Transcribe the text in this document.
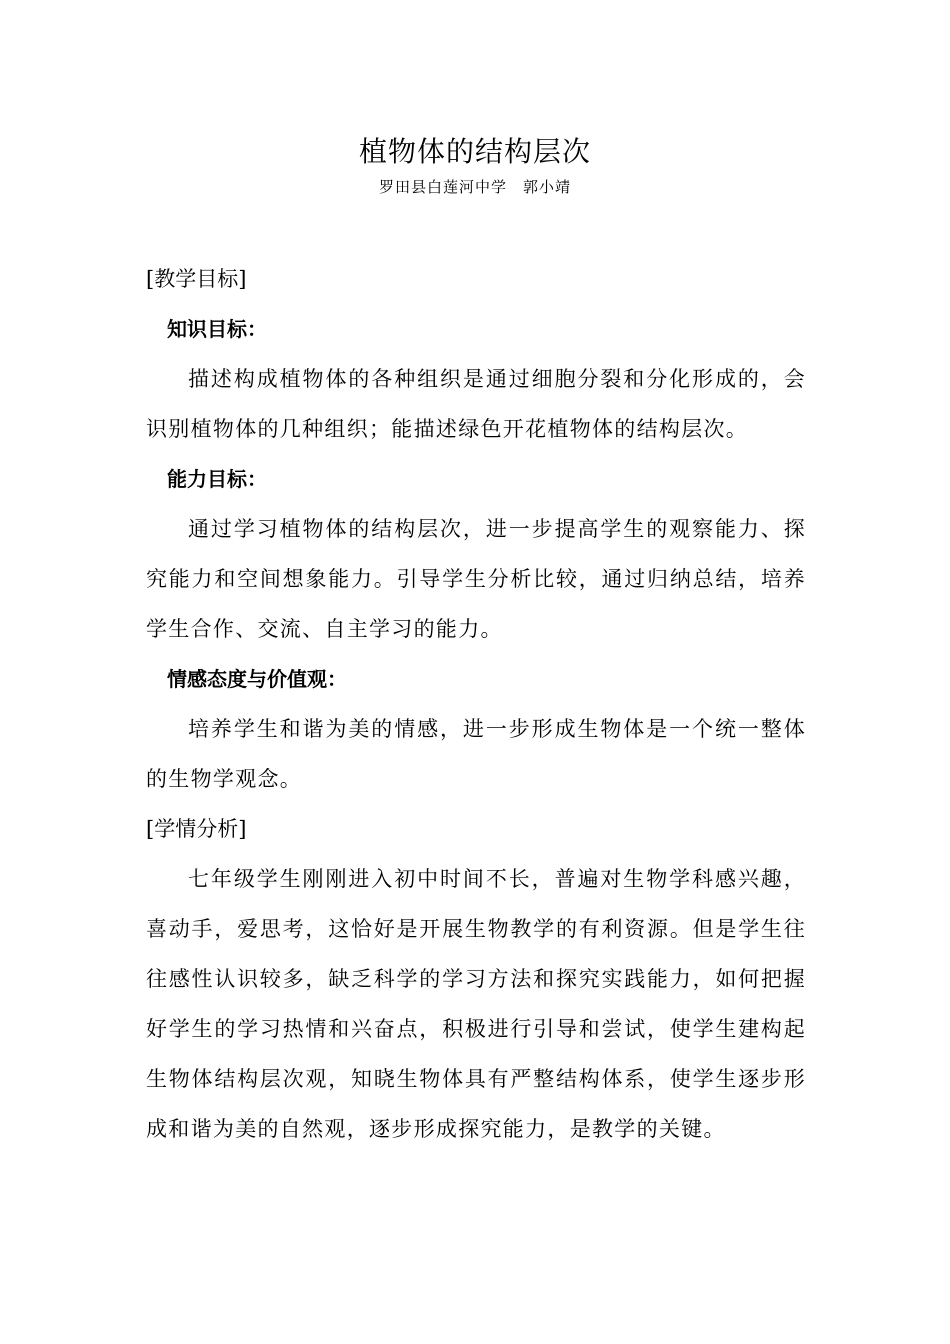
植物体的结构层次
罗田县白莲河中学　郭小靖
[教学目标]
知识目标：

描述构成植物体的各种组织是通过细胞分裂和分化形成的，会识别植物体的几种组织；能描述绿色开花植物体的结构层次。

能力目标：

通过学习植物体的结构层次，进一步提高学生的观察能力、探究能力和空间想象能力。引导学生分析比较，通过归纳总结，培养学生合作、交流、自主学习的能力。

情感态度与价值观：

培养学生和谐为美的情感，进一步形成生物体是一个统一整体的生物学观念。

[学情分析]

七年级学生刚刚进入初中时间不长，普遍对生物学科感兴趣，喜动手，爱思考，这恰好是开展生物教学的有利资源。但是学生往往感性认识较多，缺乏科学的学习方法和探究实践能力，如何把握好学生的学习热情和兴奋点，积极进行引导和尝试，使学生建构起生物体结构层次观，知晓生物体具有严整结构体系，使学生逐步形成和谐为美的自然观，逐步形成探究能力，是教学的关键。
